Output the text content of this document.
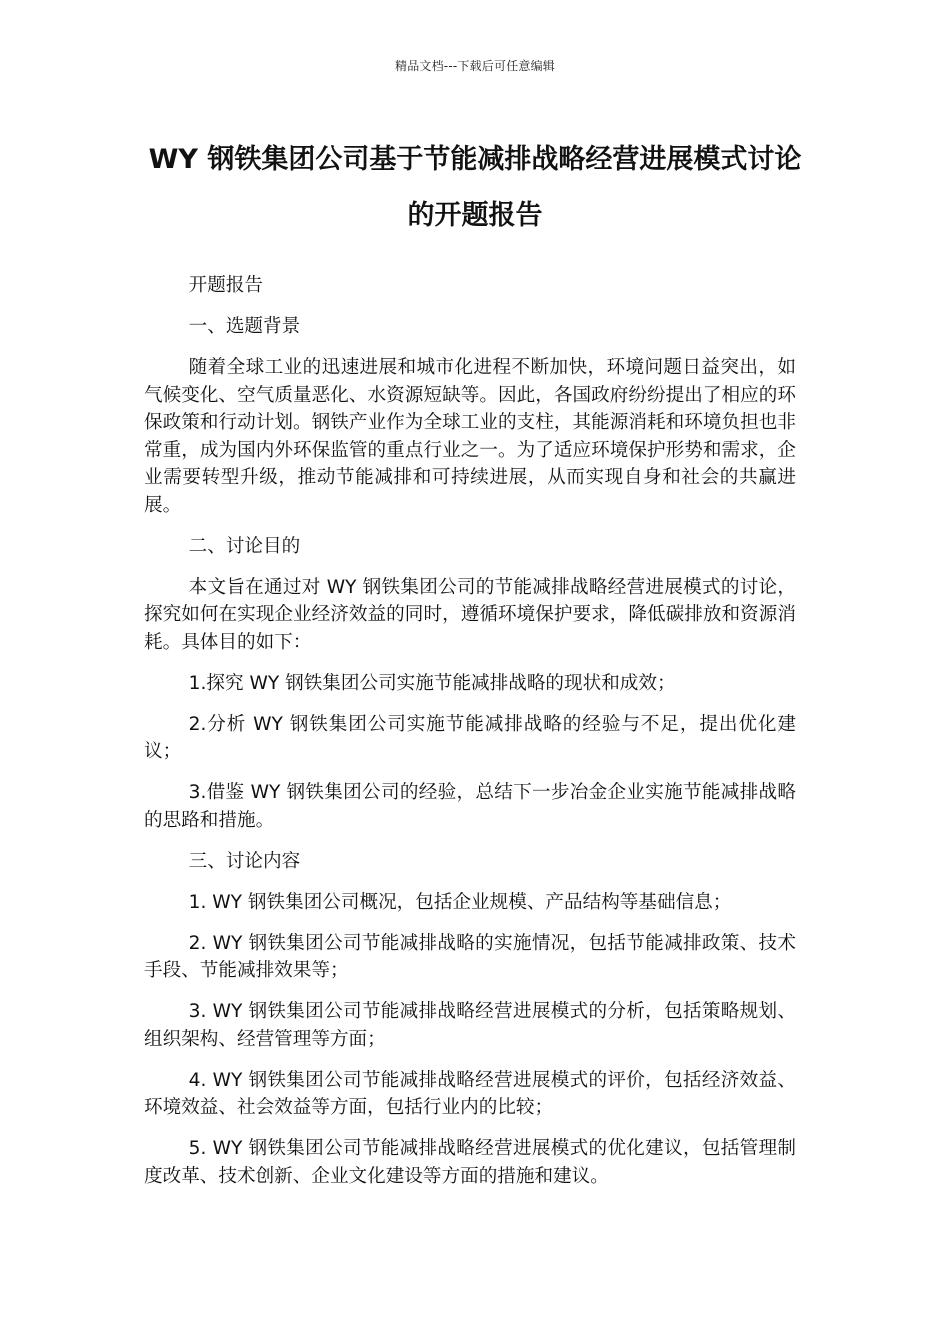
精品文档---下载后可任意编辑
WY 钢铁集团公司基于节能减排战略经营进展模式讨论的开题报告

开题报告

一、选题背景

随着全球工业的迅速进展和城市化进程不断加快，环境问题日益突出，如气候变化、空气质量恶化、水资源短缺等。因此，各国政府纷纷提出了相应的环保政策和行动计划。钢铁产业作为全球工业的支柱，其能源消耗和环境负担也非常重，成为国内外环保监管的重点行业之一。为了适应环境保护形势和需求，企业需要转型升级，推动节能减排和可持续进展，从而实现自身和社会的共赢进展。

二、讨论目的

本文旨在通过对 WY 钢铁集团公司的节能减排战略经营进展模式的讨论，探究如何在实现企业经济效益的同时，遵循环境保护要求，降低碳排放和资源消耗。具体目的如下：

1.探究 WY 钢铁集团公司实施节能减排战略的现状和成效；

2.分析 WY 钢铁集团公司实施节能减排战略的经验与不足，提出优化建议；

3.借鉴 WY 钢铁集团公司的经验，总结下一步冶金企业实施节能减排战略的思路和措施。

三、讨论内容

1. WY 钢铁集团公司概况，包括企业规模、产品结构等基础信息；

2. WY 钢铁集团公司节能减排战略的实施情况，包括节能减排政策、技术手段、节能减排效果等；

3. WY 钢铁集团公司节能减排战略经营进展模式的分析，包括策略规划、组织架构、经营管理等方面；

4. WY 钢铁集团公司节能减排战略经营进展模式的评价，包括经济效益、环境效益、社会效益等方面，包括行业内的比较；

5. WY 钢铁集团公司节能减排战略经营进展模式的优化建议，包括管理制度改革、技术创新、企业文化建设等方面的措施和建议。
